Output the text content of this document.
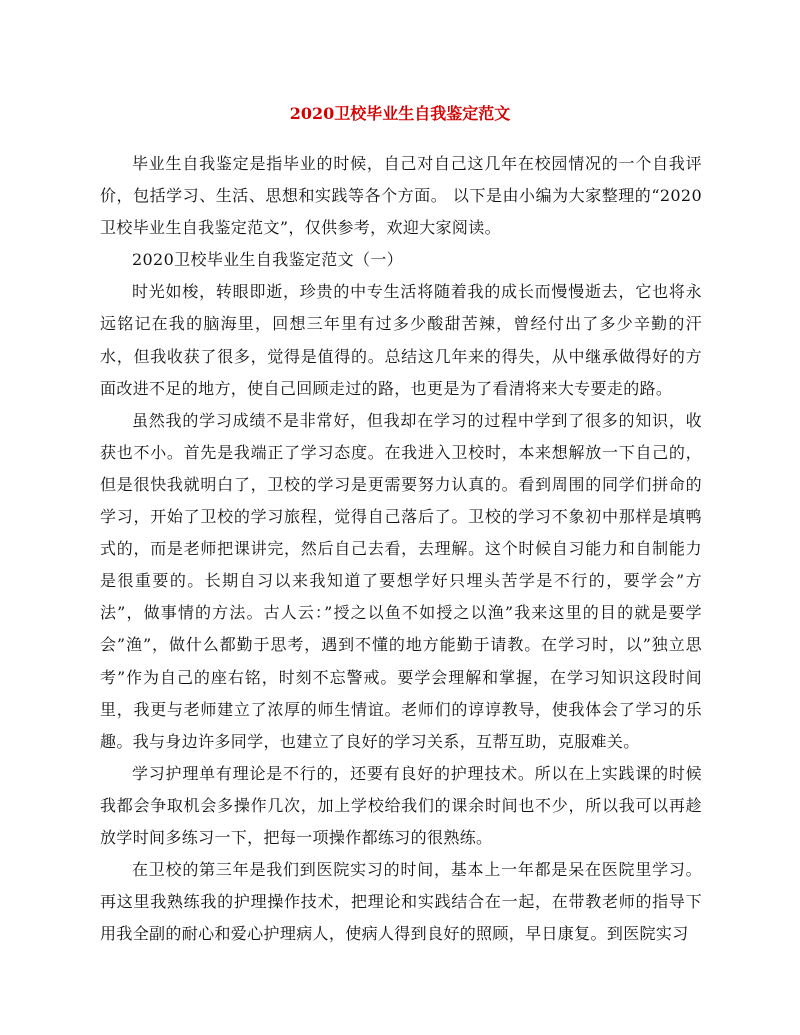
2020卫校毕业生自我鉴定范文

毕业生自我鉴定是指毕业的时候，自己对自己这几年在校园情况的一个自我评价，包括学习、生活、思想和实践等各个方面。 以下是由小编为大家整理的“2020卫校毕业生自我鉴定范文”，仅供参考，欢迎大家阅读。

2020卫校毕业生自我鉴定范文（一）

时光如梭，转眼即逝，珍贵的中专生活将随着我的成长而慢慢逝去，它也将永远铭记在我的脑海里，回想三年里有过多少酸甜苦辣，曾经付出了多少辛勤的汗水，但我收获了很多，觉得是值得的。总结这几年来的得失，从中继承做得好的方面改进不足的地方，使自己回顾走过的路，也更是为了看清将来大专要走的路。

虽然我的学习成绩不是非常好，但我却在学习的过程中学到了很多的知识，收获也不小。首先是我端正了学习态度。在我进入卫校时，本来想解放一下自己的，但是很快我就明白了，卫校的学习是更需要努力认真的。看到周围的同学们拼命的学习，开始了卫校的学习旅程，觉得自己落后了。卫校的学习不象初中那样是填鸭式的，而是老师把课讲完，然后自己去看，去理解。这个时候自习能力和自制能力是很重要的。长期自习以来我知道了要想学好只埋头苦学是不行的，要学会”方法”，做事情的方法。古人云：”授之以鱼不如授之以渔”我来这里的目的就是要学会”渔”，做什么都勤于思考，遇到不懂的地方能勤于请教。在学习时，以”独立思考”作为自己的座右铭，时刻不忘警戒。要学会理解和掌握，在学习知识这段时间里，我更与老师建立了浓厚的师生情谊。老师们的谆谆教导，使我体会了学习的乐趣。我与身边许多同学，也建立了良好的学习关系，互帮互助，克服难关。

学习护理单有理论是不行的，还要有良好的护理技术。所以在上实践课的时候我都会争取机会多操作几次，加上学校给我们的课余时间也不少，所以我可以再趁放学时间多练习一下，把每一项操作都练习的很熟练。

在卫校的第三年是我们到医院实习的时间，基本上一年都是呆在医院里学习。再这里我熟练我的护理操作技术，把理论和实践结合在一起，在带教老师的指导下用我全副的耐心和爱心护理病人，使病人得到良好的照顾，早日康复。到医院实习
